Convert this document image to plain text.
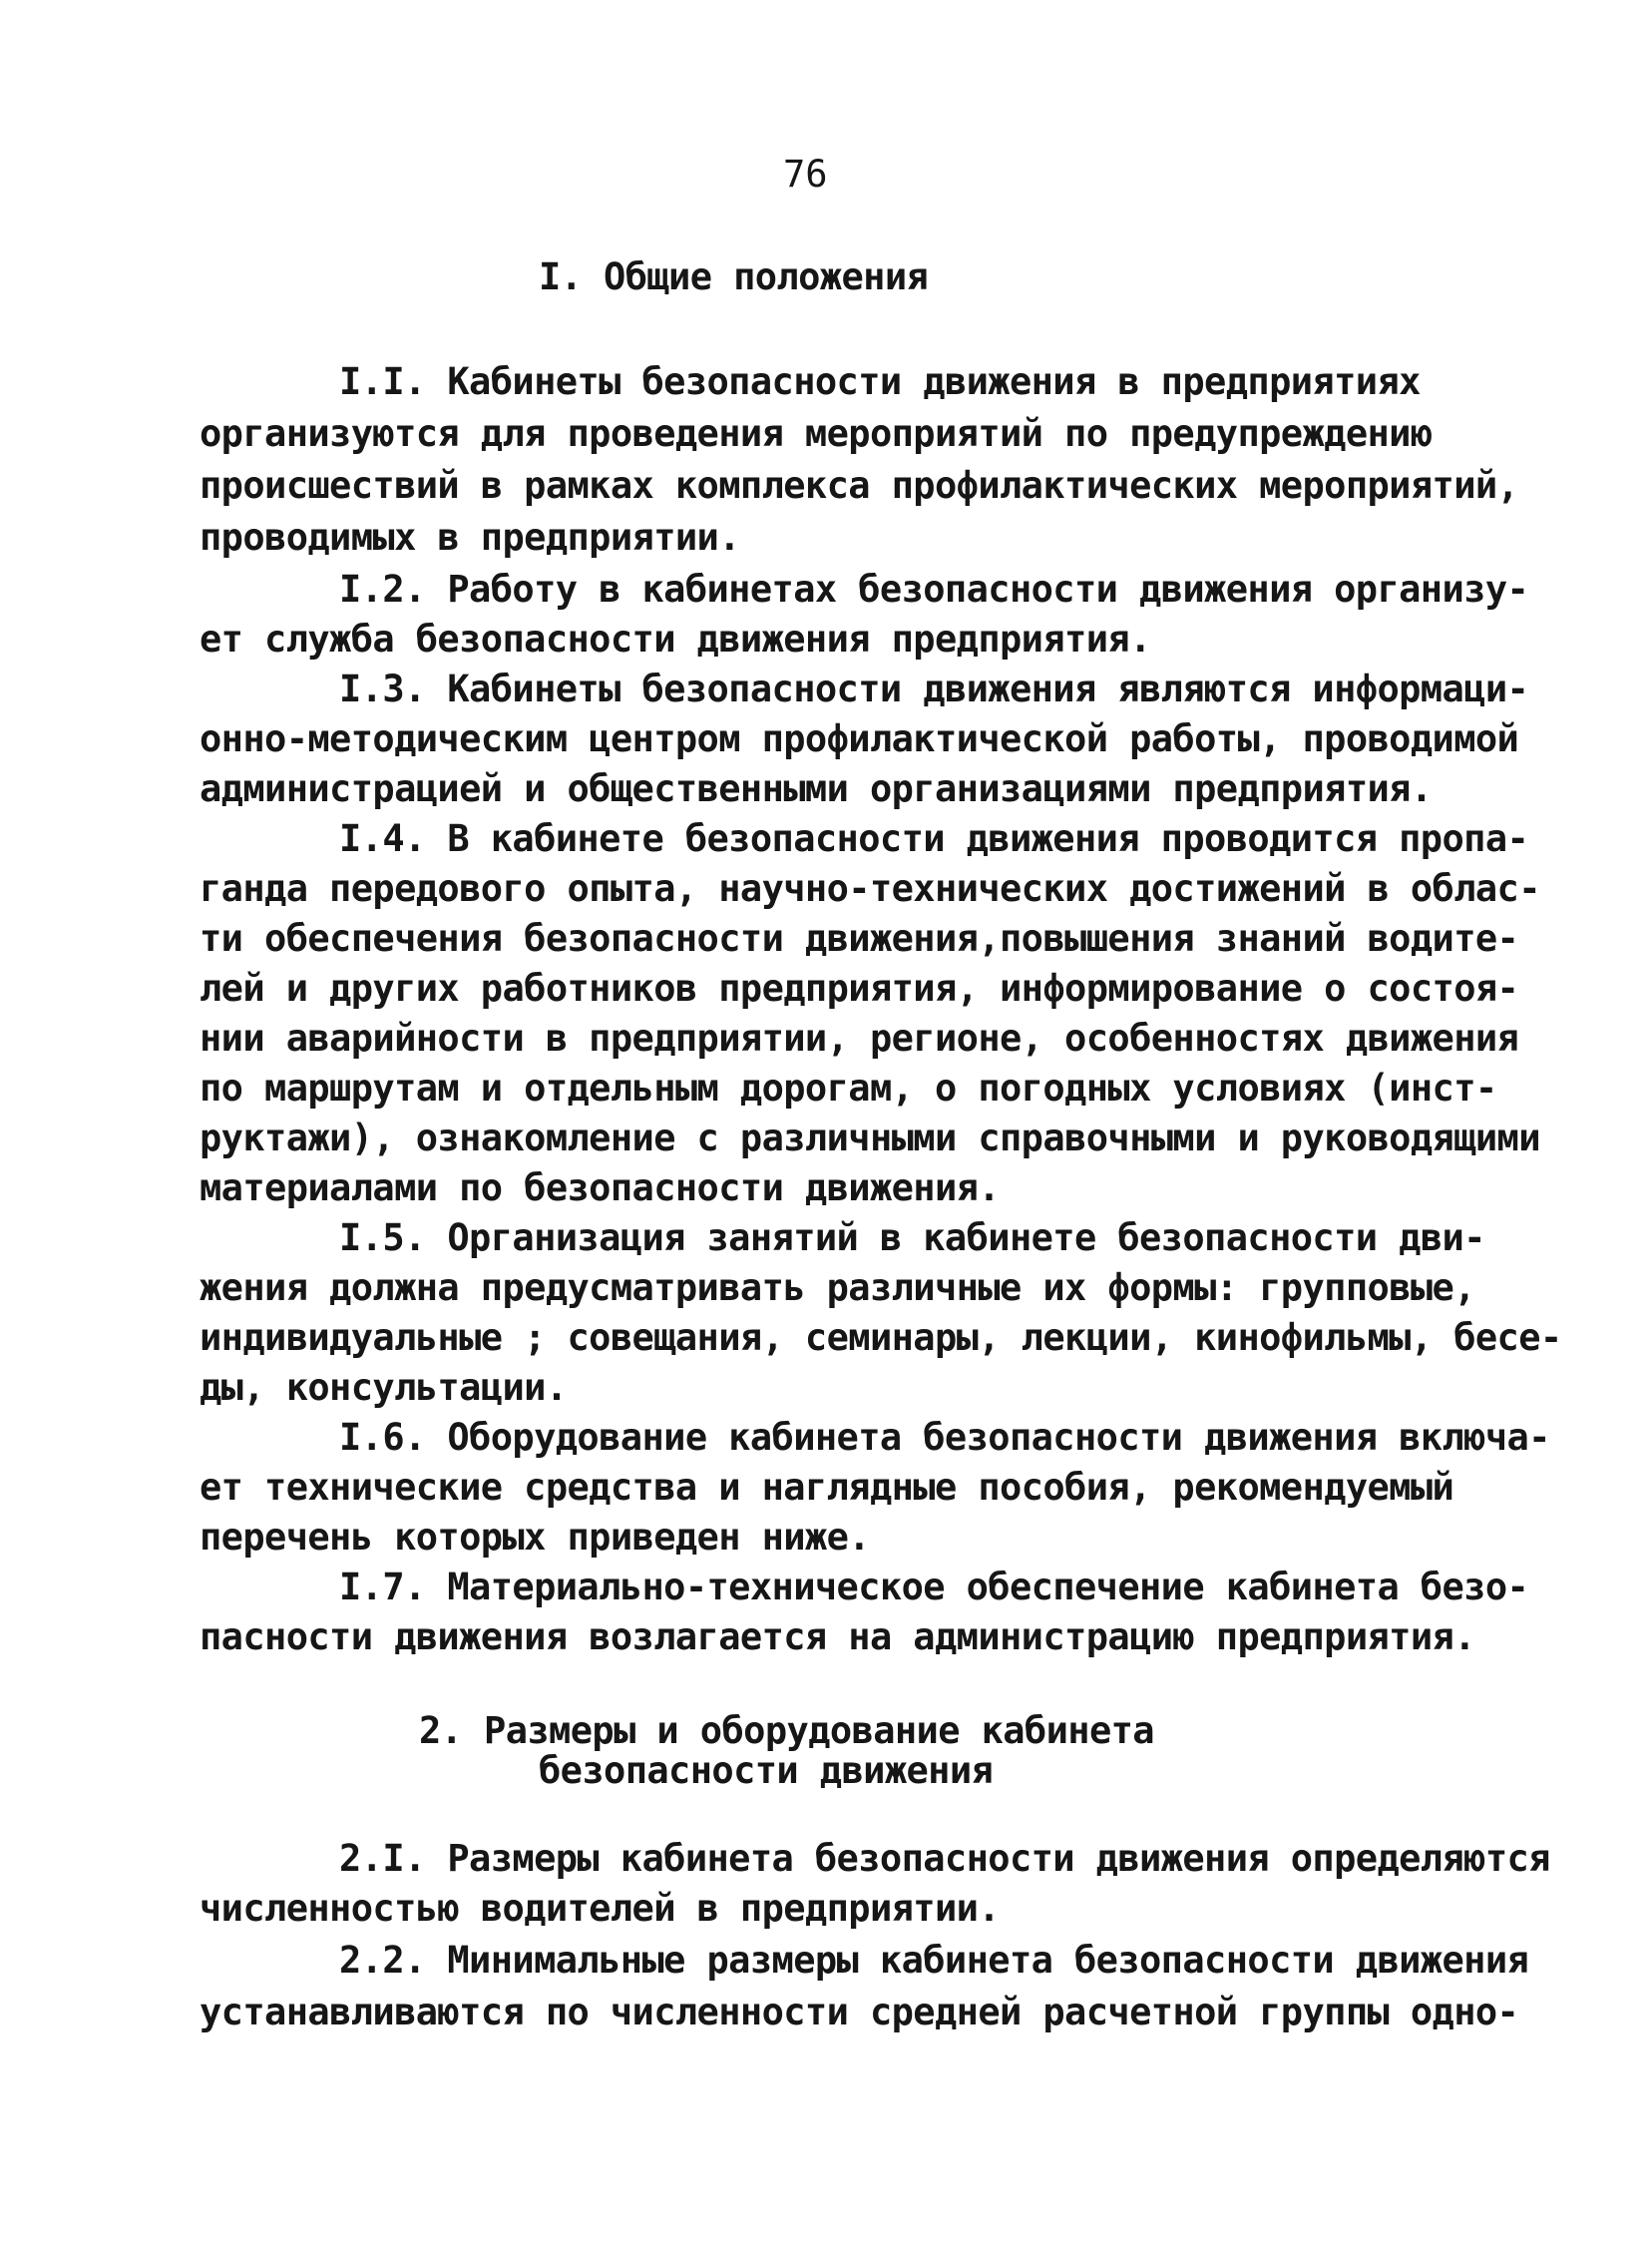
76
I. Общие положения
I.I. Кабинеты безопасности движения в предприятиях
организуются для проведения мероприятий по предупреждению
происшествий в рамках комплекса профилактических мероприятий,
проводимых в предприятии.
I.2. Работу в кабинетах безопасности движения организу-
ет служба безопасности движения предприятия.
I.3. Кабинеты безопасности движения являются информаци-
онно-методическим центром профилактической работы, проводимой
администрацией и общественными организациями предприятия.
I.4. В кабинете безопасности движения проводится пропа-
ганда передового опыта, научно-технических достижений в облас-
ти обеспечения безопасности движения,повышения знаний водите-
лей и других работников предприятия, информирование о состоя-
нии аварийности в предприятии, регионе, особенностях движения
по маршрутам и отдельным дорогам, о погодных условиях (инст-
руктажи), ознакомление с различными справочными и руководящими
материалами по безопасности движения.
I.5. Организация занятий в кабинете безопасности дви-
жения должна предусматривать различные их формы: групповые,
индивидуальные ; совещания, семинары, лекции, кинофильмы, бесе-
ды, консультации.
I.6. Оборудование кабинета безопасности движения включа-
ет технические средства и наглядные пособия, рекомендуемый
перечень которых приведен ниже.
I.7. Материально-техническое обеспечение кабинета безо-
пасности движения возлагается на администрацию предприятия.
2. Размеры и оборудование кабинета
безопасности движения
2.I. Размеры кабинета безопасности движения определяются
численностью водителей в предприятии.
2.2. Минимальные размеры кабинета безопасности движения
устанавливаются по численности средней расчетной группы одно-
